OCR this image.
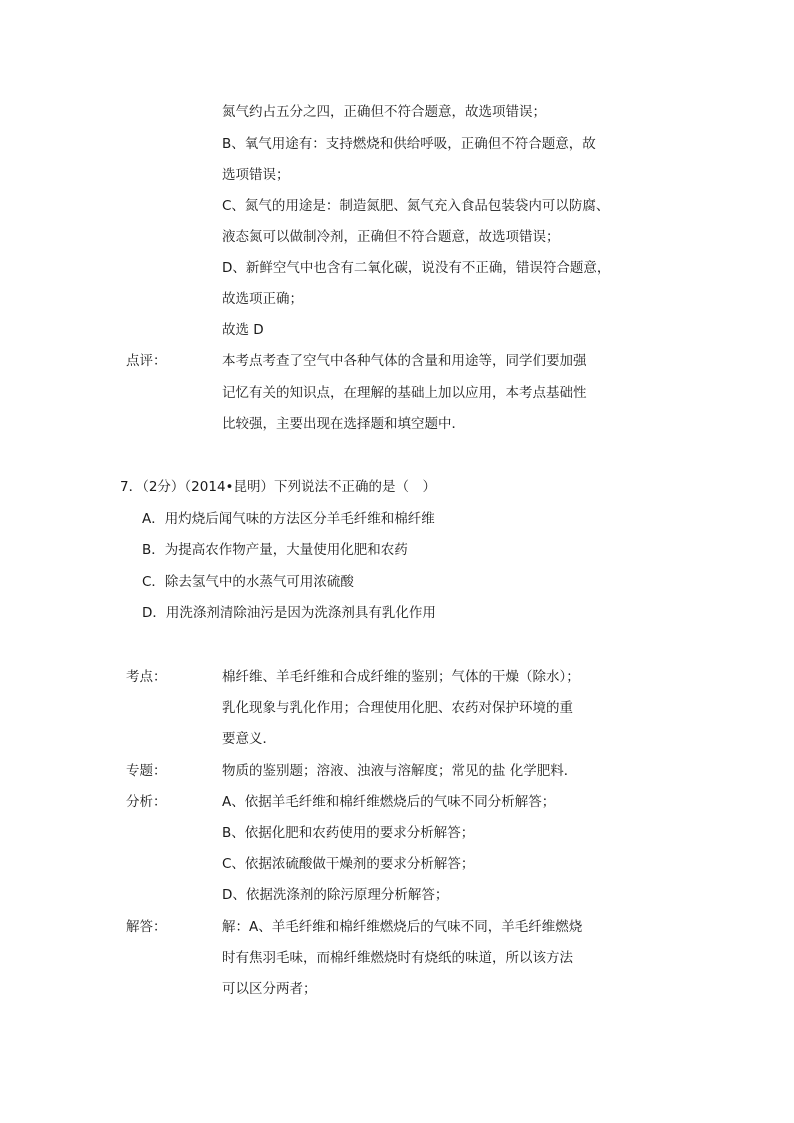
氮气约占五分之四，正确但不符合题意，故选项错误；
B、氧气用途有：支持燃烧和供给呼吸，正确但不符合题意，故
选项错误；
C、氮气的用途是：制造氮肥、氮气充入食品包装袋内可以防腐、
液态氮可以做制冷剂，正确但不符合题意，故选项错误；
D、新鲜空气中也含有二氧化碳，说没有不正确，错误符合题意，
故选项正确；
故选 D
点评：	本考点考查了空气中各种气体的含量和用途等，同学们要加强
记忆有关的知识点，在理解的基础上加以应用，本考点基础性
比较强，主要出现在选择题和填空题中．
7．（2分）（2014•昆明）下列说法不正确的是（　）
A．用灼烧后闻气味的方法区分羊毛纤维和棉纤维
B．为提高农作物产量，大量使用化肥和农药
C．除去氢气中的水蒸气可用浓硫酸
D．用洗涤剂清除油污是因为洗涤剂具有乳化作用
考点：	棉纤维、羊毛纤维和合成纤维的鉴别；气体的干燥（除水）；
乳化现象与乳化作用；合理使用化肥、农药对保护环境的重
要意义．
专题：	物质的鉴别题；溶液、浊液与溶解度；常见的盐 化学肥料．
分析：	A、依据羊毛纤维和棉纤维燃烧后的气味不同分析解答；
B、依据化肥和农药使用的要求分析解答；
C、依据浓硫酸做干燥剂的要求分析解答；
D、依据洗涤剂的除污原理分析解答；
解答：	解：A、羊毛纤维和棉纤维燃烧后的气味不同，羊毛纤维燃烧
时有焦羽毛味，而棉纤维燃烧时有烧纸的味道，所以该方法
可以区分两者；
